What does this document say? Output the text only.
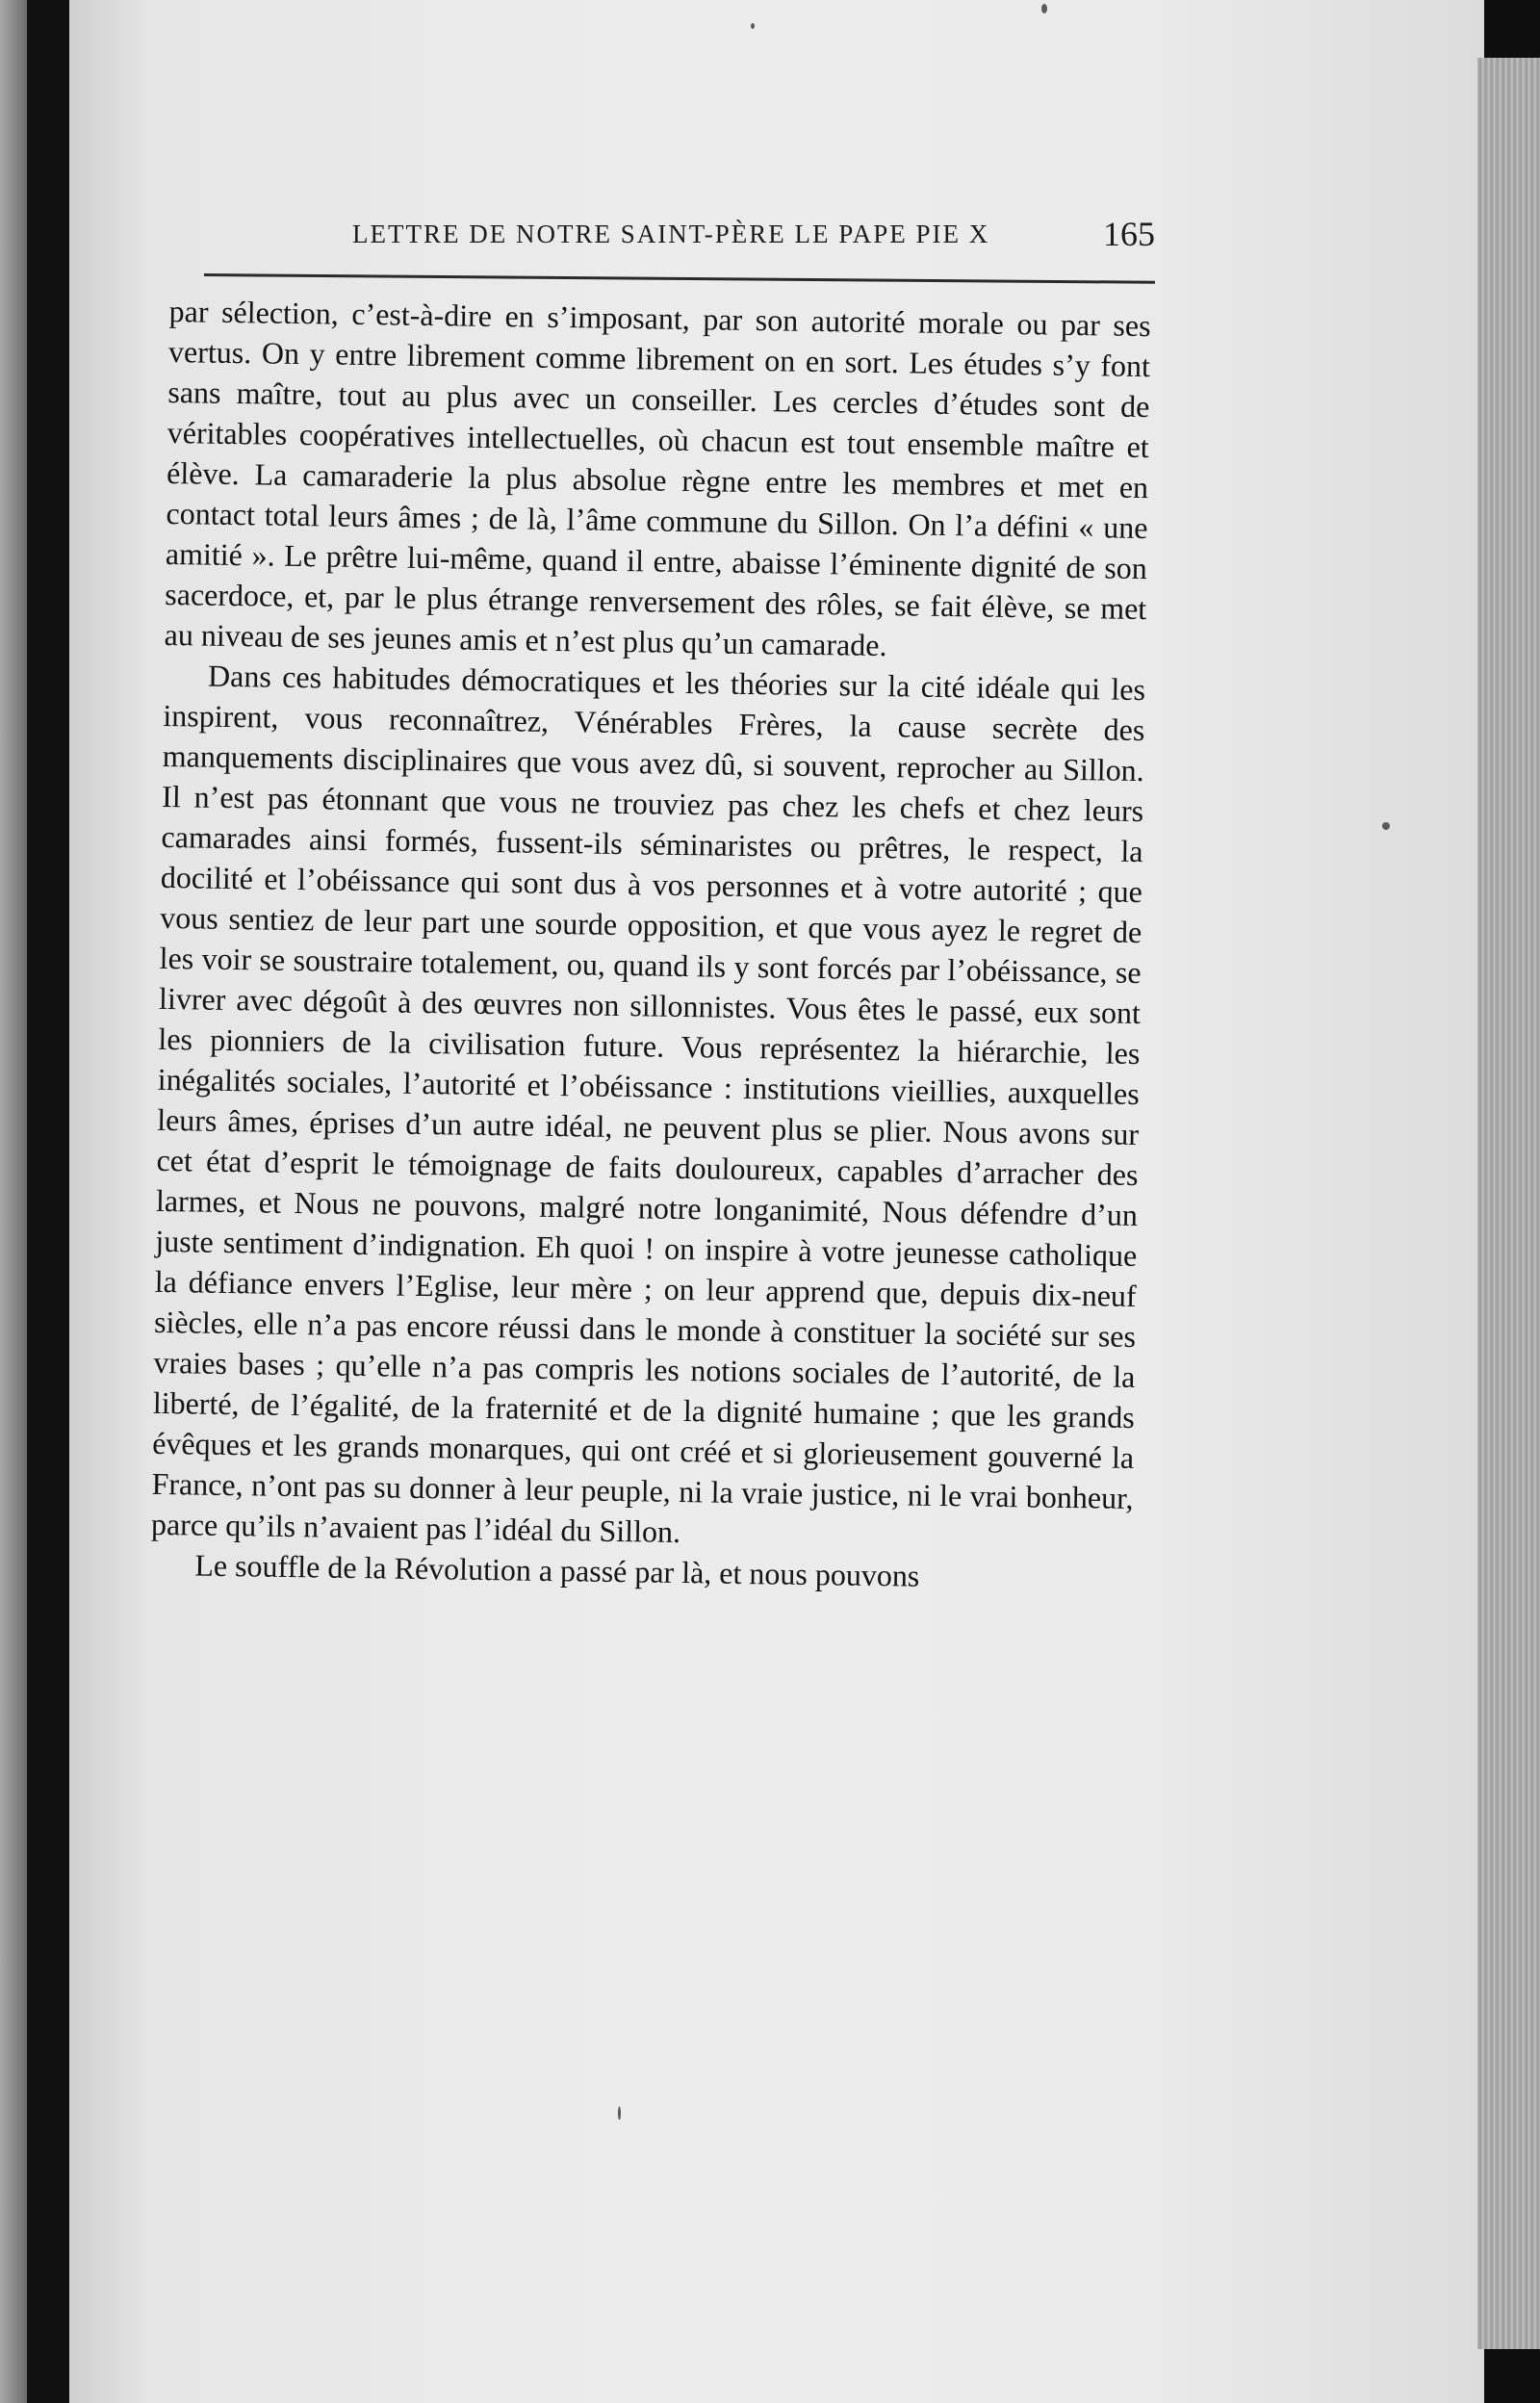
LETTRE DE NOTRE SAINT-PÈRE LE PAPE PIE X	165

par sélection, c’est-à-dire en s’imposant, par son autorité morale ou par ses vertus. On y entre librement comme librement on en sort. Les études s’y font sans maître, tout au plus avec un conseiller. Les cercles d’études sont de véritables coopératives intellectuelles, où chacun est tout ensemble maître et élève. La camaraderie la plus absolue règne entre les membres et met en contact total leurs âmes ; de là, l’âme commune du Sillon. On l’a défini « une amitié ». Le prêtre lui-même, quand il entre, abaisse l’éminente dignité de son sacerdoce, et, par le plus étrange renversement des rôles, se fait élève, se met au niveau de ses jeunes amis et n’est plus qu’un camarade.

Dans ces habitudes démocratiques et les théories sur la cité idéale qui les inspirent, vous reconnaîtrez, Vénérables Frères, la cause secrète des manquements disciplinaires que vous avez dû, si souvent, reprocher au Sillon. Il n’est pas étonnant que vous ne trouviez pas chez les chefs et chez leurs camarades ainsi formés, fussent-ils séminaristes ou prêtres, le respect, la docilité et l’obéissance qui sont dus à vos personnes et à votre autorité ; que vous sentiez de leur part une sourde opposition, et que vous ayez le regret de les voir se soustraire totalement, ou, quand ils y sont forcés par l’obéissance, se livrer avec dégoût à des œuvres non sillonnistes. Vous êtes le passé, eux sont les pionniers de la civilisation future. Vous représentez la hiérarchie, les inégalités sociales, l’autorité et l’obéissance : institutions vieillies, auxquelles leurs âmes, éprises d’un autre idéal, ne peuvent plus se plier. Nous avons sur cet état d’esprit le témoignage de faits douloureux, capables d’arracher des larmes, et Nous ne pouvons, malgré notre longanimité, Nous défendre d’un juste sentiment d’indignation. Eh quoi ! on inspire à votre jeunesse catholique la défiance envers l’Eglise, leur mère ; on leur apprend que, depuis dix-neuf siècles, elle n’a pas encore réussi dans le monde à constituer la société sur ses vraies bases ; qu’elle n’a pas compris les notions sociales de l’autorité, de la liberté, de l’égalité, de la fraternité et de la dignité humaine ; que les grands évêques et les grands monarques, qui ont créé et si glorieusement gouverné la France, n’ont pas su donner à leur peuple, ni la vraie justice, ni le vrai bonheur, parce qu’ils n’avaient pas l’idéal du Sillon.

Le souffle de la Révolution a passé par là, et nous pouvons
